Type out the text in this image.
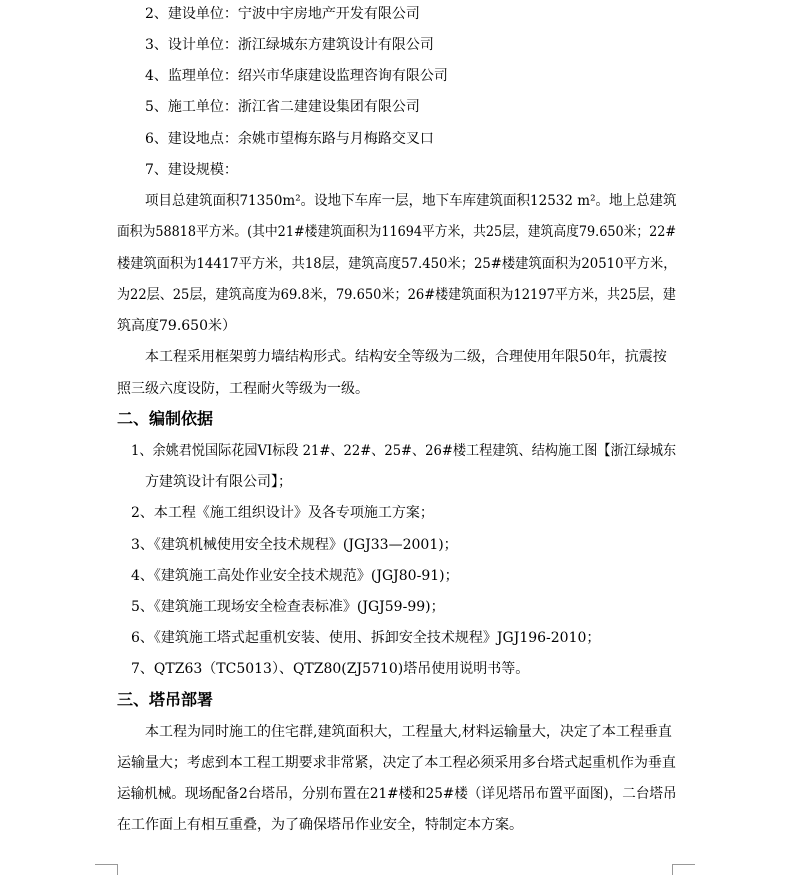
2、建设单位：宁波中宇房地产开发有限公司
3、设计单位：浙江绿城东方建筑设计有限公司
4、监理单位：绍兴市华康建设监理咨询有限公司
5、施工单位：浙江省二建建设集团有限公司
6、建设地点：余姚市望梅东路与月梅路交叉口
7、建设规模：
项目总建筑面积71350m²。设地下车库一层，地下车库建筑面积12532 m²。地上总建筑
面积为58818平方米。(其中21#楼建筑面积为11694平方米，共25层，建筑高度79.650米；22#
楼建筑面积为14417平方米，共18层，建筑高度57.450米；25#楼建筑面积为20510平方米，
为22层、25层，建筑高度为69.8米，79.650米；26#楼建筑面积为12197平方米，共25层，建
筑高度79.650米）
本工程采用框架剪力墙结构形式。结构安全等级为二级，合理使用年限50年，抗震按
照三级六度设防，工程耐火等级为一级。
二、编制依据
1、余姚君悦国际花园VI标段 21#、22#、25#、26#楼工程建筑、结构施工图【浙江绿城东
方建筑设计有限公司】；
2、本工程《施工组织设计》及各专项施工方案；
3、《建筑机械使用安全技术规程》(JGJ33—2001)；
4、《建筑施工高处作业安全技术规范》(JGJ80-91)；
5、《建筑施工现场安全检查表标准》(JGJ59-99)；
6、《建筑施工塔式起重机安装、使用、拆卸安全技术规程》JGJ196-2010；
7、QTZ63（TC5013）、QTZ80(ZJ5710)塔吊使用说明书等。
三、塔吊部署
本工程为同时施工的住宅群,建筑面积大，工程量大,材料运输量大，决定了本工程垂直
运输量大；考虑到本工程工期要求非常紧，决定了本工程必须采用多台塔式起重机作为垂直
运输机械。现场配备2台塔吊，分别布置在21#楼和25#楼（详见塔吊布置平面图)，二台塔吊
在工作面上有相互重叠，为了确保塔吊作业安全，特制定本方案。
